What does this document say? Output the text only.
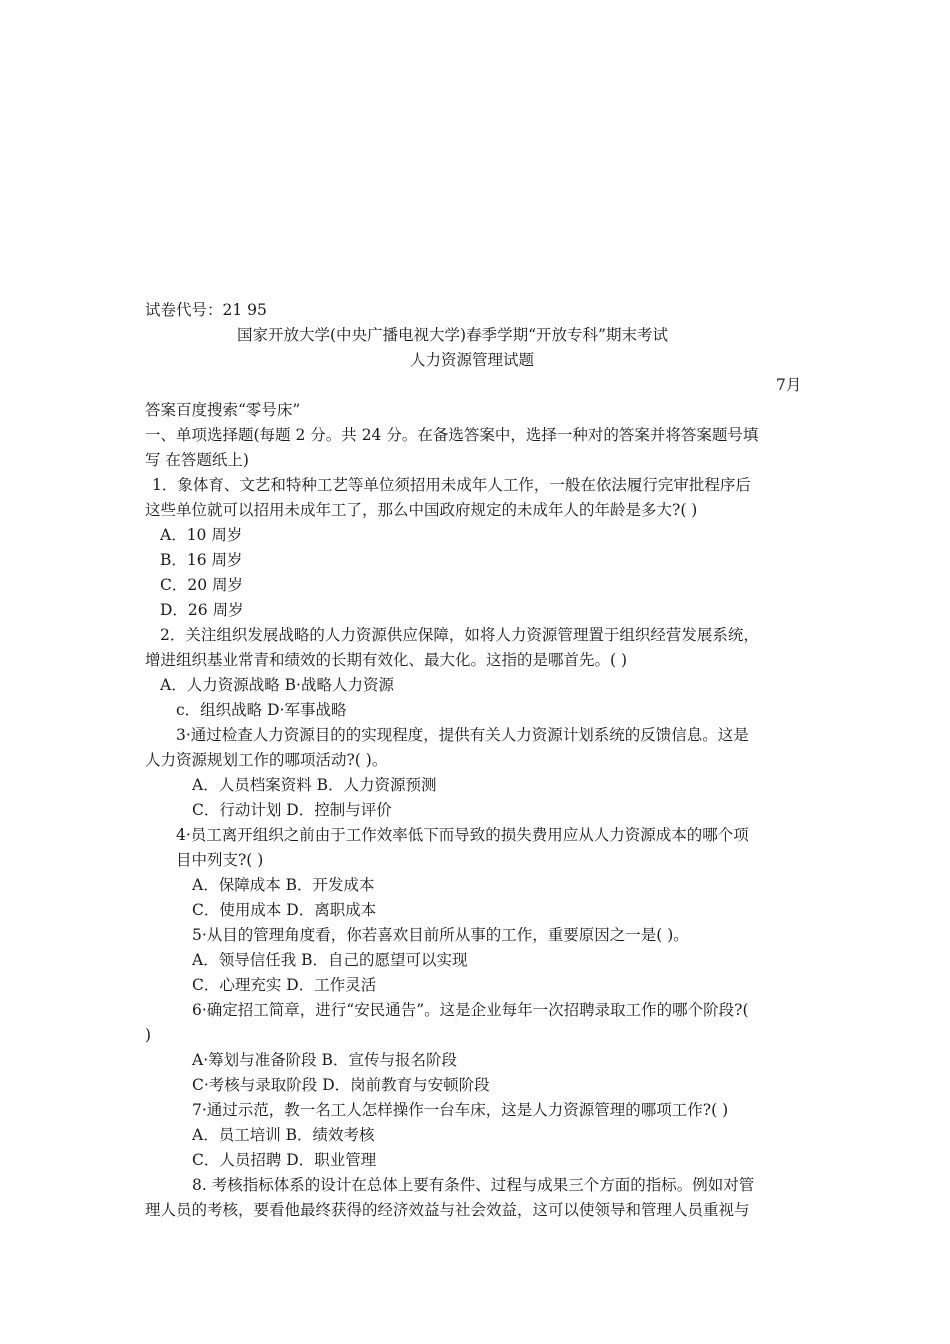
试卷代号：21 95
国家开放大学(中央广播电视大学)春季学期“开放专科”期末考试
人力资源管理试题
7月
答案百度搜索“零号床”
一、单项选择题(每题 2 分。共 24 分。在备选答案中，选择一种对的答案并将答案题号填
写 在答题纸上)
1．象体育、文艺和特种工艺等单位须招用未成年人工作，一般在依法履行完审批程序后
这些单位就可以招用未成年工了，那么中国政府规定的未成年人的年龄是多大?( )
A．10 周岁
B．16 周岁
C．20 周岁
D．26 周岁
2．关注组织发展战略的人力资源供应保障，如将人力资源管理置于组织经营发展系统，
增进组织基业常青和绩效的长期有效化、最大化。这指的是哪首先。( )
A．人力资源战略 B·战略人力资源
c．组织战略 D·军事战略
3·通过检查人力资源目的的实现程度，提供有关人力资源计划系统的反馈信息。这是
人力资源规划工作的哪项活动?( )。
A．人员档案资料 B．人力资源预测
C．行动计划 D．控制与评价
4·员工离开组织之前由于工作效率低下而导致的损失费用应从人力资源成本的哪个项
目中列支?( )
A．保障成本 B．开发成本
C．使用成本 D．离职成本
5·从目的管理角度看，你若喜欢目前所从事的工作，重要原因之一是( )。
A．领导信任我 B．自己的愿望可以实现
C．心理充实 D．工作灵活
6·确定招工简章，进行“安民通告”。这是企业每年一次招聘录取工作的哪个阶段?(
)
A·筹划与准备阶段 B．宣传与报名阶段
C·考核与录取阶段 D．岗前教育与安顿阶段
7·通过示范，教一名工人怎样操作一台车床，这是人力资源管理的哪项工作?( )
A．员工培训 B．绩效考核
C．人员招聘 D．职业管理
8. 考核指标体系的设计在总体上要有条件、过程与成果三个方面的指标。例如对管
理人员的考核，要看他最终获得的经济效益与社会效益，这可以使领导和管理人员重视与
